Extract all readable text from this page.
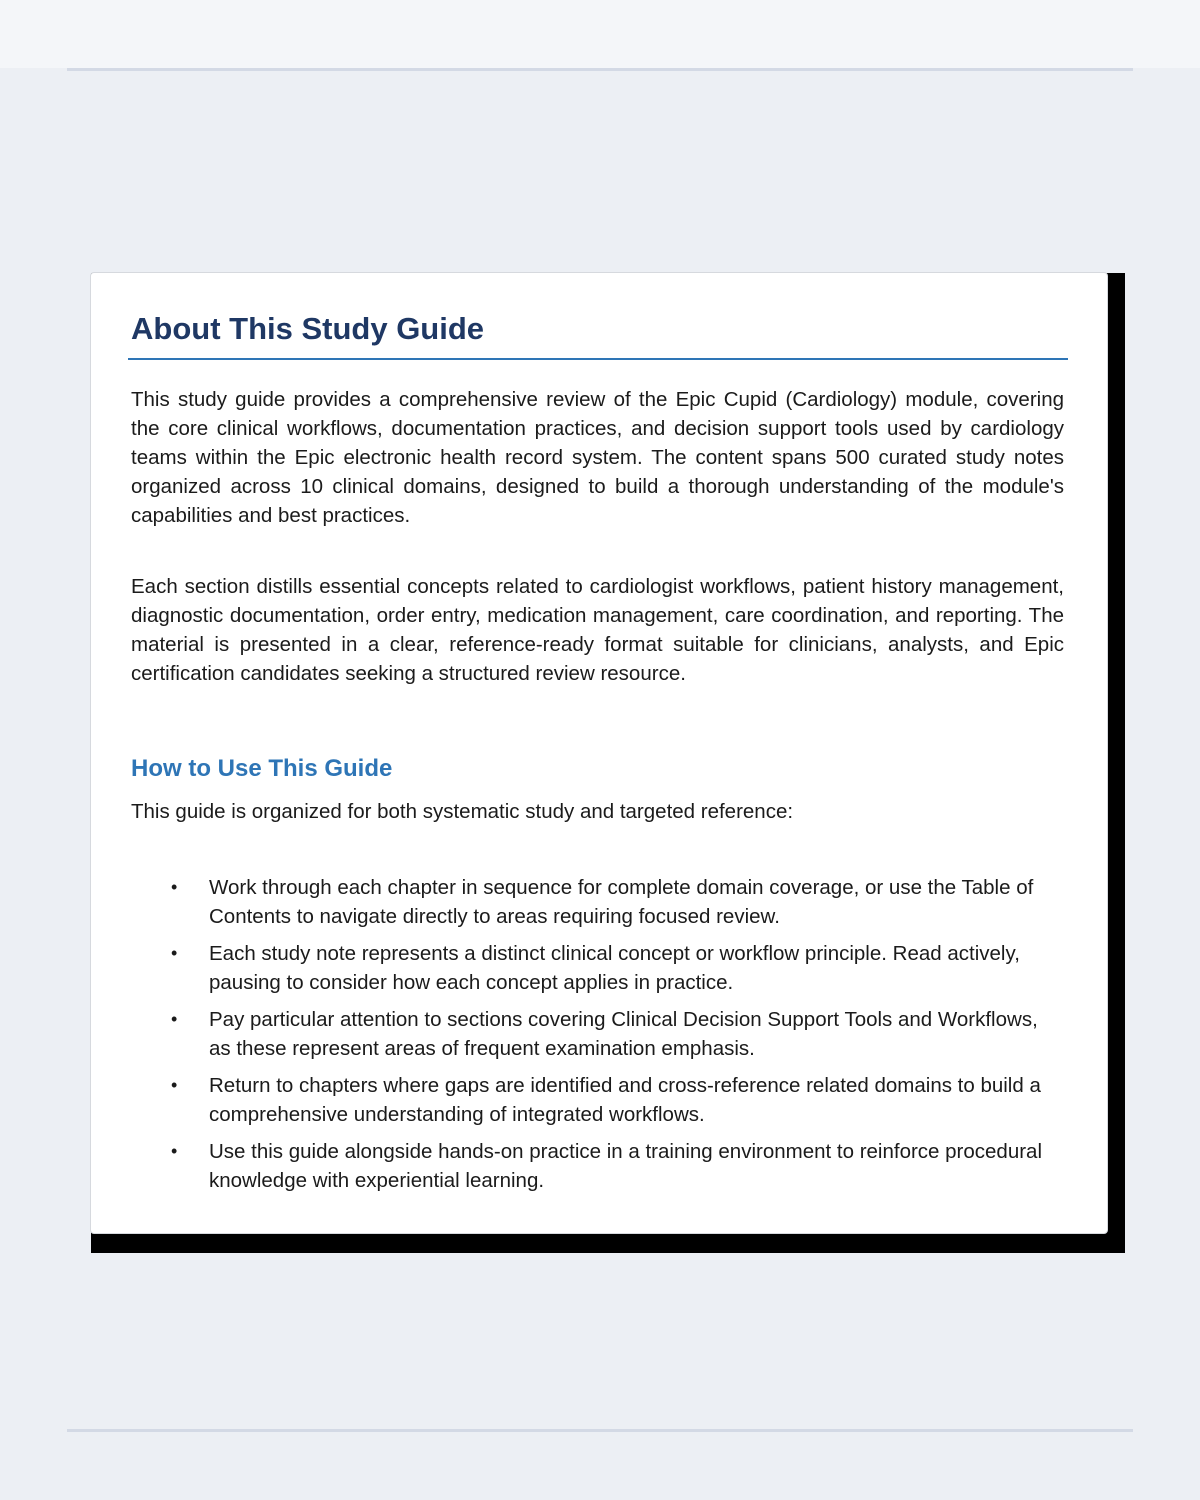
About This Study Guide

This study guide provides a comprehensive review of the Epic Cupid (Cardiology) module, covering the core clinical workflows, documentation practices, and decision support tools used by cardiology teams within the Epic electronic health record system. The content spans 500 curated study notes organized across 10 clinical domains, designed to build a thorough understanding of the module's capabilities and best practices.

Each section distills essential concepts related to cardiologist workflows, patient history management, diagnostic documentation, order entry, medication management, care coordination, and reporting. The material is presented in a clear, reference-ready format suitable for clinicians, analysts, and Epic certification candidates seeking a structured review resource.

How to Use This Guide

This guide is organized for both systematic study and targeted reference:

• Work through each chapter in sequence for complete domain coverage, or use the Table of Contents to navigate directly to areas requiring focused review.
• Each study note represents a distinct clinical concept or workflow principle. Read actively, pausing to consider how each concept applies in practice.
• Pay particular attention to sections covering Clinical Decision Support Tools and Workflows, as these represent areas of frequent examination emphasis.
• Return to chapters where gaps are identified and cross-reference related domains to build a comprehensive understanding of integrated workflows.
• Use this guide alongside hands-on practice in a training environment to reinforce procedural knowledge with experiential learning.
